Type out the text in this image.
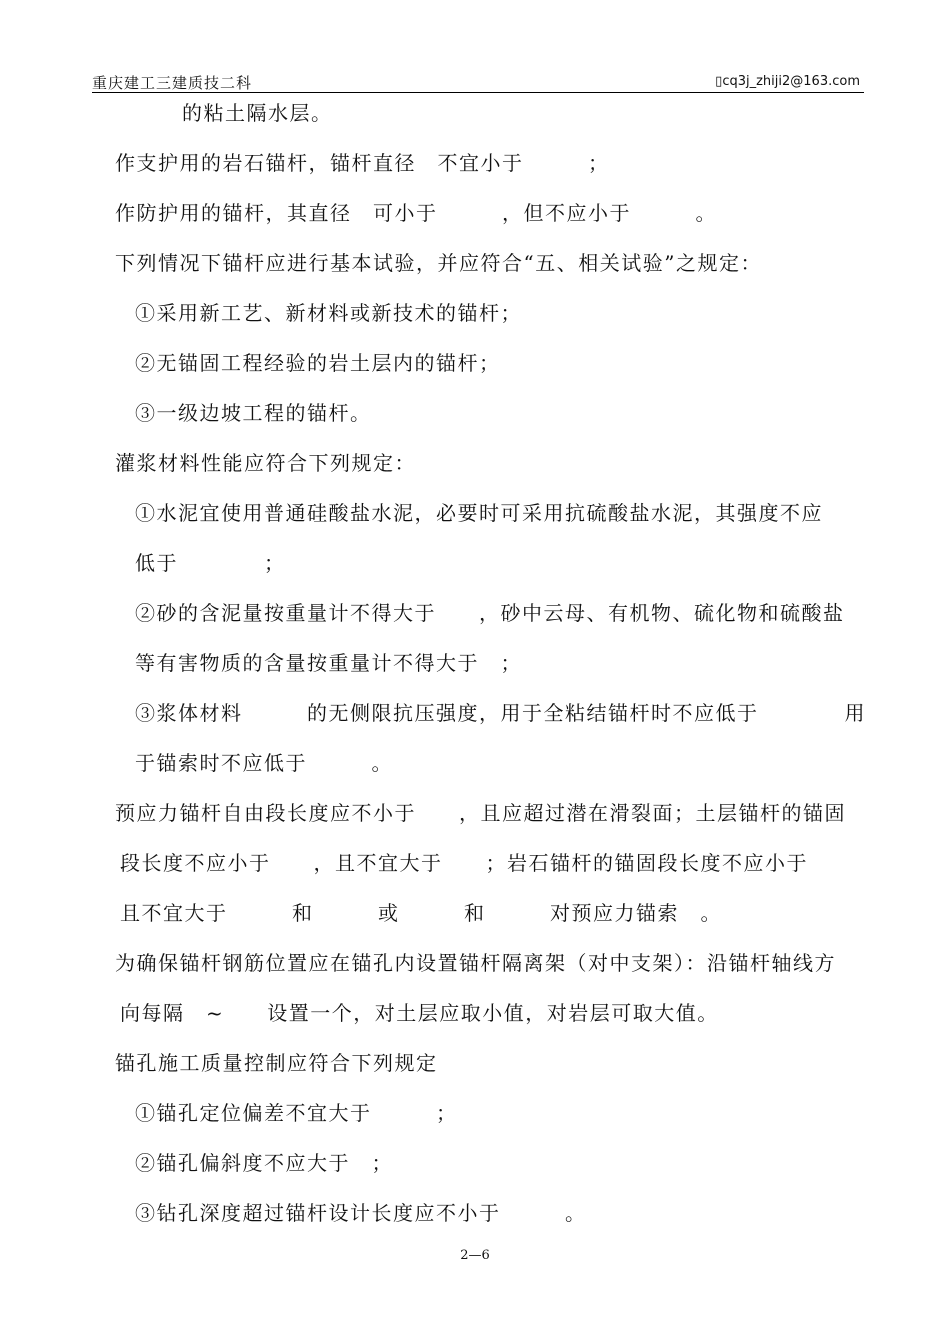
重庆建工三建质技二科	▯cq3j_zhiji2@163.com
的粘土隔水层。
作支护用的岩石锚杆，锚杆直径　不宜小于　　　；
作防护用的锚杆，其直径　可小于　　　，但不应小于　　　。
下列情况下锚杆应进行基本试验，并应符合“五、相关试验”之规定：
①采用新工艺、新材料或新技术的锚杆；
②无锚固工程经验的岩土层内的锚杆；
③一级边坡工程的锚杆。
灌浆材料性能应符合下列规定：
①水泥宜使用普通硅酸盐水泥，必要时可采用抗硫酸盐水泥，其强度不应
低于　　　　；
②砂的含泥量按重量计不得大于　　，砂中云母、有机物、硫化物和硫酸盐
等有害物质的含量按重量计不得大于　；
③浆体材料　　　的无侧限抗压强度，用于全粘结锚杆时不应低于　　　　用
于锚索时不应低于　　　。
预应力锚杆自由段长度应不小于　　，且应超过潜在滑裂面；土层锚杆的锚固
段长度不应小于　　，且不宜大于　　；岩石锚杆的锚固段长度不应小于
且不宜大于　　　和　　　或　　　和　　　对预应力锚索　。
为确保锚杆钢筋位置应在锚孔内设置锚杆隔离架（对中支架）：沿锚杆轴线方
向每隔　~　　设置一个，对土层应取小值，对岩层可取大值。
锚孔施工质量控制应符合下列规定
①锚孔定位偏差不宜大于　　　；
②锚孔偏斜度不应大于　；
③钻孔深度超过锚杆设计长度应不小于　　　。
2—6
